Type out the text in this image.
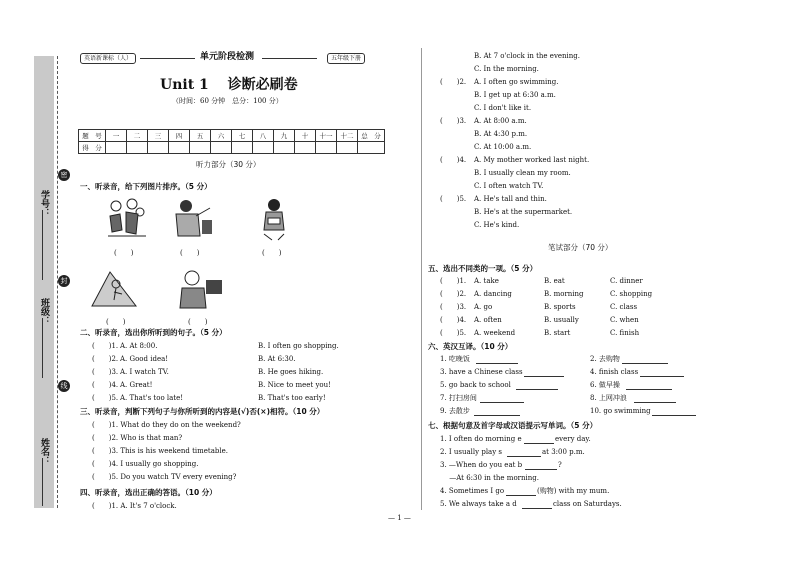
学号：
班级：
姓名：
密
封
线
英语新课标（人）	单元阶段检测	五年级下册
Unit 1　 诊断必刷卷
（时间：60 分钟　总分：100 分）
题　号	一	二	三	四	五	六	七	八	九	十	十一	十二	总　分
得　分													
听力部分（30 分）
一、听录音，给下列图片排序。（5 分）
(　　)	(　　)	(　　)
(　　)	(　　)
二、听录音，选出你所听到的句子。（5 分）
(　　)1. A. At 8:00.	B. I often go shopping.
(　　)2. A. Good idea!	B. At 6:30.
(　　)3. A. I watch TV.	B. He goes hiking.
(　　)4. A. Great!	B. Nice to meet you!
(　　)5. A. That's too late!	B. That's too early!
三、听录音，判断下列句子与你所听到的内容是(√)否(×)相符。（10 分）
(　　)1. What do they do on the weekend?
(　　)2. Who is that man?
(　　)3. This is his weekend timetable.
(　　)4. I usually go shopping.
(　　)5. Do you watch TV every evening?
四、听录音，选出正确的答语。（10 分）
(　　)1. A. It's 7 o'clock.
B. At 7 o'clock in the evening.
C. In the morning.
(　　)2. A. I often go swimming.
B. I get up at 6:30 a.m.
C. I don't like it.
(　　)3. A. At 8:00 a.m.
B. At 4:30 p.m.
C. At 10:00 a.m.
(　　)4. A. My mother worked last night.
B. I usually clean my room.
C. I often watch TV.
(　　)5. A. He's tall and thin.
B. He's at the supermarket.
C. He's kind.
笔试部分（70 分）
五、选出不同类的一项。（5 分）
(　　)1. A. take	B. eat	C. dinner
(　　)2. A. dancing	B. morning	C. shopping
(　　)3. A. go	B. sports	C. class
(　　)4. A. often	B. usually	C. when
(　　)5. A. weekend	B. start	C. finish
六、英汉互译。（10 分）
1. 吃晚饭	2. 去购物
3. have a Chinese class	4. finish class
5. go back to school	6. 做早操
7. 打扫房间	8. 上网冲浪
9. 去散步	10. go swimming
七、根据句意及首字母或汉语提示写单词。（5 分）
1. I often do morning e	every day.
2. I usually play s	at 3:00 p.m.
3. —When do you eat b	?
　 —At 6:30 in the morning.
4. Sometimes I go	(购物) with my mum.
5. We always take a d	class on Saturdays.
— 1 —
